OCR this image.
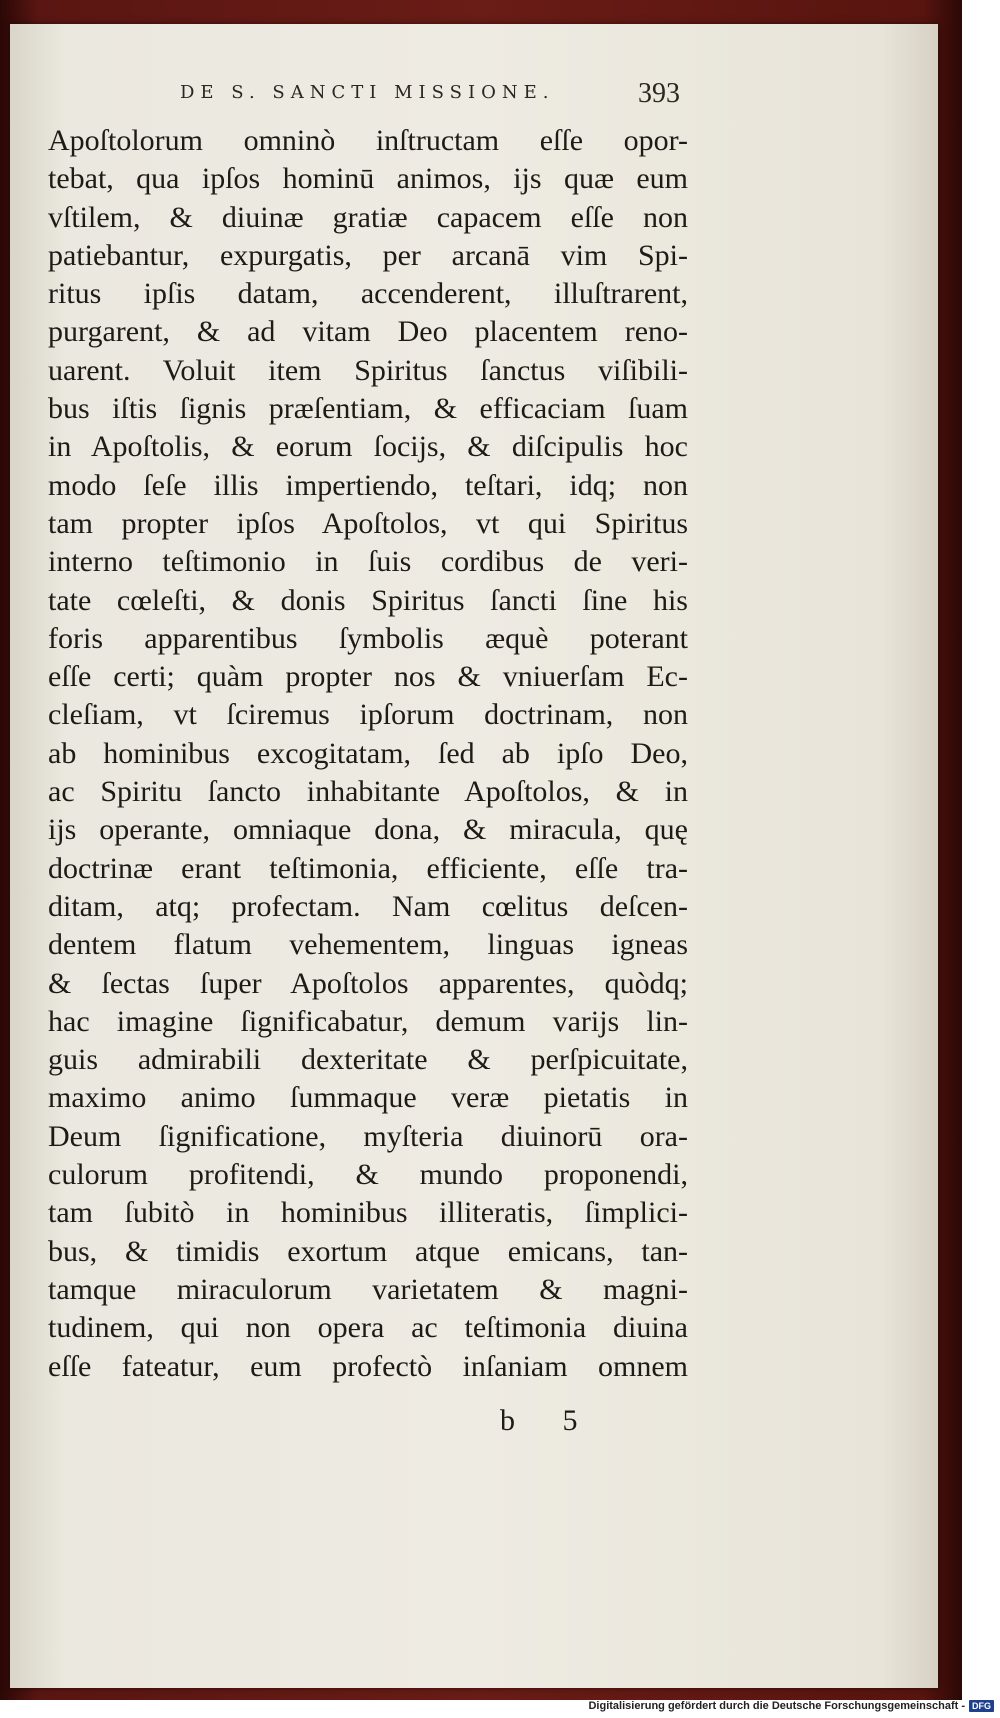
DE S. SANCTI MISSIONE.	393
Apoſtolorum omninò inſtructam eſſe opor-
tebat, qua ipſos hominū animos, ijs quæ eum
vſtilem, & diuinæ gratiæ capacem eſſe non
patiebantur, expurgatis, per arcanā vim Spi-
ritus ipſis datam, accenderent, illuſtrarent,
purgarent, & ad vitam Deo placentem reno-
uarent. Voluit item Spiritus ſanctus viſibili-
bus iſtis ſignis præſentiam, & efficaciam ſuam
in Apoſtolis, & eorum ſocijs, & diſcipulis hoc
modo ſeſe illis impertiendo, teſtari, idq; non
tam propter ipſos Apoſtolos, vt qui Spiritus
interno teſtimonio in ſuis cordibus de veri-
tate cœleſti, & donis Spiritus ſancti ſine his
foris apparentibus ſymbolis æquè poterant
eſſe certi; quàm propter nos & vniuerſam Ec-
cleſiam, vt ſciremus ipſorum doctrinam, non
ab hominibus excogitatam, ſed ab ipſo Deo,
ac Spiritu ſancto inhabitante Apoſtolos, & in
ijs operante, omniaque dona, & miracula, quę
doctrinæ erant teſtimonia, efficiente, eſſe tra-
ditam, atq; profectam. Nam cœlitus deſcen-
dentem flatum vehementem, linguas igneas
& ſectas ſuper Apoſtolos apparentes, quòdq;
hac imagine ſignificabatur, demum varijs lin-
guis admirabili dexteritate & perſpicuitate,
maximo animo ſummaque veræ pietatis in
Deum ſignificatione, myſteria diuinorū ora-
culorum profitendi, & mundo proponendi,
tam ſubitò in hominibus illiteratis, ſimplici-
bus, & timidis exortum atque emicans, tan-
tamque miraculorum varietatem & magni-
tudinem, qui non opera ac teſtimonia diuina
eſſe fateatur, eum profectò inſaniam omnem
b 5
Digitalisierung gefördert durch die Deutsche Forschungsgemeinschaft - DFG
